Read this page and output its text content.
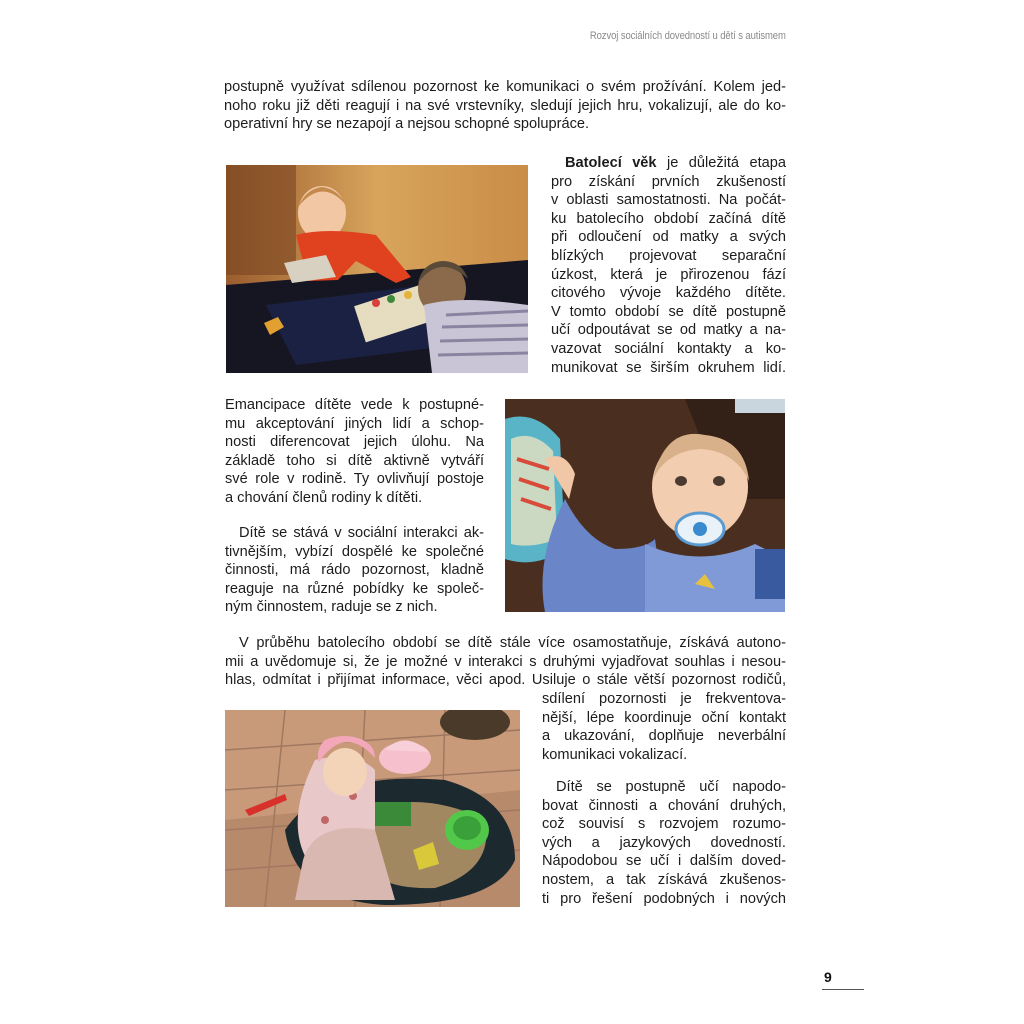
Rozvoj sociálních dovedností u dětí s autismem
postupně využívat sdílenou pozornost ke komunikaci o svém prožívání. Kolem jed-
noho roku již děti reagují i na své vrstevníky, sledují jejich hru, vokalizují, ale do ko-
operativní hry se nezapojí a nejsou schopné spolupráce.
Batolecí věk je důležitá etapa
pro získání prvních zkušeností
v oblasti samostatnosti. Na počát-
ku batolecího období začíná dítě
při odloučení od matky a svých
blízkých projevovat separační
úzkost, která je přirozenou fází
citového vývoje každého dítěte.
V tomto období se dítě postupně
učí odpoutávat se od matky a na-
vazovat sociální kontakty a ko-
munikovat se širším okruhem lidí.
Emancipace dítěte vede k postupné-
mu akceptování jiných lidí a schop-
nosti diferencovat jejich úlohu. Na
základě toho si dítě aktivně vytváří
své role v rodině. Ty ovlivňují postoje
a chování členů rodiny k dítěti.
Dítě se stává v sociální interakci ak-
tivnějším, vybízí dospělé ke společné
činnosti, má rádo pozornost, kladně
reaguje na různé pobídky ke společ-
ným činnostem, raduje se z nich.
V průběhu batolecího období se dítě stále více osamostatňuje, získává autono-
mii a uvědomuje si, že je možné v interakci s druhými vyjadřovat souhlas i nesou-
hlas, odmítat i přijímat informace, věci apod. Usiluje o stále větší pozornost rodičů,
sdílení pozornosti je frekventova-
nější, lépe koordinuje oční kontakt
a ukazování, doplňuje neverbální
komunikaci vokalizací.
Dítě se postupně učí napodo-
bovat činnosti a chování druhých,
což souvisí s rozvojem rozumo-
vých a jazykových dovedností.
Nápodobou se učí i dalším doved-
nostem, a tak získává zkušenos-
ti pro řešení podobných i nových
9
